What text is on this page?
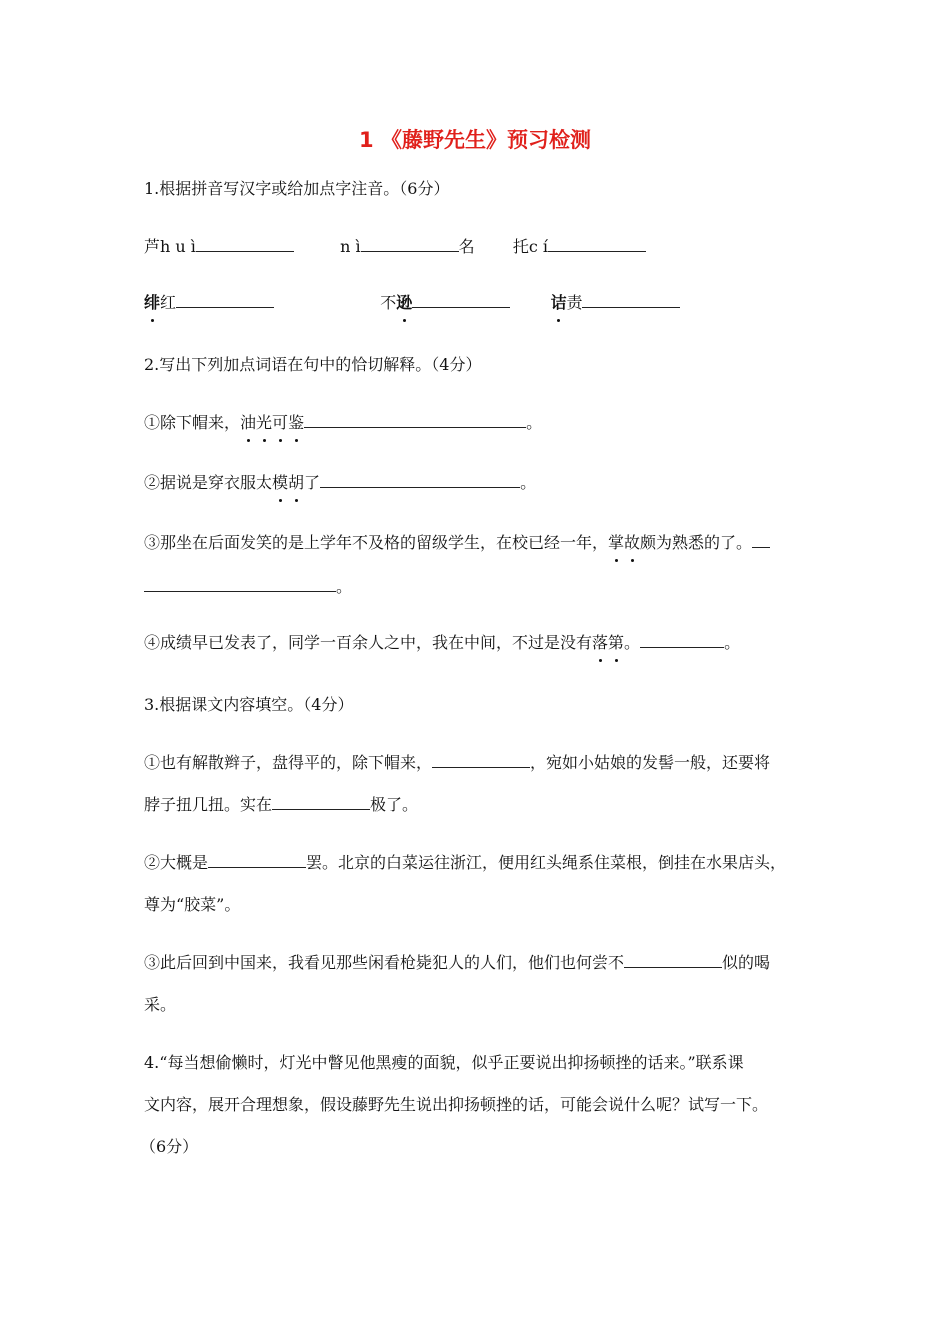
1 《藤野先生》预习检测
1.根据拼音写汉字或给加点字注音。（6分）
芦h u ì	n ì	名 托c í
绯红	不逊	诘责
2.写出下列加点词语在句中的恰切解释。（4分）
①除下帽来，油光可鉴	。
②据说是穿衣服太模胡了	。
③那坐在后面发笑的是上学年不及格的留级学生，在校已经一年，掌故颇为熟悉的了。
。
④成绩早已发表了，同学一百余人之中，我在中间，不过是没有落第。	。
3.根据课文内容填空。（4分）
①也有解散辫子，盘得平的，除下帽来，	，宛如小姑娘的发髻一般，还要将
脖子扭几扭。实在	极了。
②大概是	罢。北京的白菜运往浙江，便用红头绳系住菜根，倒挂在水果店头，
尊为“胶菜”。
③此后回到中国来，我看见那些闲看枪毙犯人的人们，他们也何尝不	似的喝
采。
4.“每当想偷懒时，灯光中瞥见他黑瘦的面貌，似乎正要说出抑扬顿挫的话来。”联系课
文内容，展开合理想象，假设藤野先生说出抑扬顿挫的话，可能会说什么呢？试写一下。
（6分）
